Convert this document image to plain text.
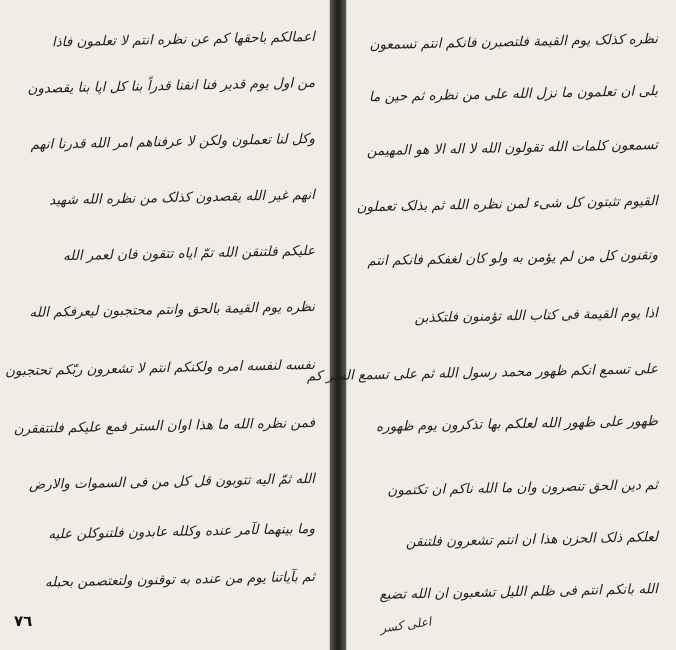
اعمالکم باحقها کم عن نظره انتم لا تعلمون فاذا
من اول یوم قدیر فنا انفنا قدراً بنا کل اپا بنا یقصدون
وکل لنا تعملون ولکن لا عرفناهم امر الله قدرنا انهم
انهم غیر الله یقصدون کذلک من نظره الله شهید
علیکم فلتنقن الله تمّ ایاه تتقون فان لعمر الله
نظره یوم القیمة بالحق وانتم محتجبون لیعرفکم الله
نفسه لنفسه امره ولکنکم انتم لا تشعرون ربّکم تحتجبون
فمن نظره الله ما هذا اوان الستر فمع علیکم فلتتفقرن
الله ثمّ الیه تتوبون قل کل من فی السموات والارض
وما بینهما لآمر عنده وکلله عابدون فلتنوکلن علیه
ثم بآیاتنا یوم من عنده به توقنون ولتعتصمن بحبله
٧٦
نظره کذلک یوم القیمة فلتصبرن فانکم انتم تسمعون
بلی ان تعلمون ما نزل الله علی من نظره ثم حین ما
تسمعون کلمات الله تقولون الله لا اله الا هو المهیمن
القیوم تثبتون کل شیء لمن نظره الله ثم بذلک تعملون
وتقنون کل من لم یؤمن به ولو کان لغفکم فانکم انتم
اذا یوم القیمة فی کتاب الله تؤمنون فلتکذبن
علی تسمع انکم ظهور محمد رسول الله ثم علی تسمع السر کم
ظهور علی ظهور الله لعلکم بها تذکرون یوم ظهوره
ثم دین الحق تنصرون وان ما الله ناکم ان تکتمون
لعلکم ذلک الحزن هذا ان انتم تشعرون فلتنقن
الله بانکم انتم فی ظلم اللیل تشعبون ان الله تضیع
اعلی کسر
